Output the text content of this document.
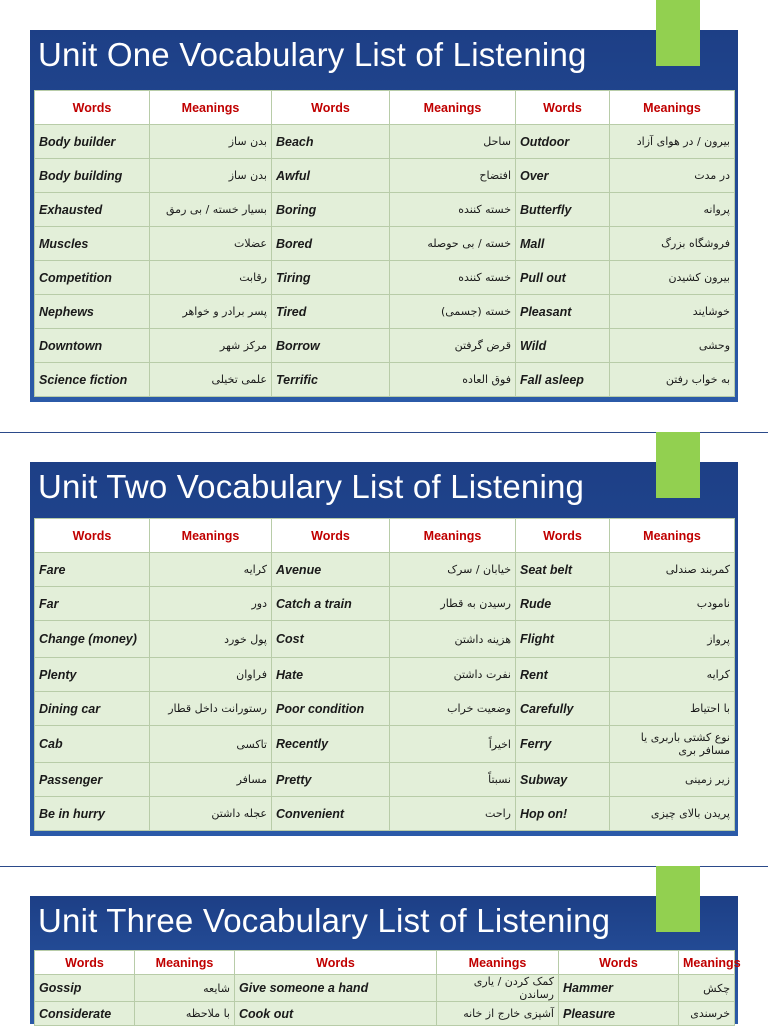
Unit One Vocabulary List of Listening
Words	Meanings	Words	Meanings	Words	Meanings
Body builder	بدن ساز	Beach	ساحل	Outdoor	بیرون / در هوای آزاد
Body building	بدن ساز	Awful	افتضاح	Over	در مدت
Exhausted	بسیار خسته / بی رمق	Boring	خسته کننده	Butterfly	پروانه
Muscles	عضلات	Bored	خسته / بی حوصله	Mall	فروشگاه بزرگ
Competition	رقابت	Tiring	خسته کننده	Pull out	بیرون کشیدن
Nephews	پسر برادر و خواهر	Tired	خسته (جسمی)	Pleasant	خوشایند
Downtown	مرکز شهر	Borrow	قرض گرفتن	Wild	وحشی
Science fiction	علمی تخیلی	Terrific	فوق العاده	Fall asleep	به خواب رفتن
Unit Two Vocabulary List of Listening
Words	Meanings	Words	Meanings	Words	Meanings
Fare	کرایه	Avenue	خیابان / سرک	Seat belt	کمربند صندلی
Far	دور	Catch a train	رسیدن به قطار	Rude	نامودب
Change (money)	پول خورد	Cost	هزینه داشتن	Flight	پرواز
Plenty	فراوان	Hate	نفرت داشتن	Rent	کرایه
Dining car	رستورانت داخل قطار	Poor condition	وضعیت خراب	Carefully	با احتیاط
Cab	تاکسی	Recently	اخیراً	Ferry	نوع کشتی باربری یا مسافر بری
Passenger	مسافر	Pretty	نسبتاً	Subway	زیر زمینی
Be in hurry	عجله داشتن	Convenient	راحت	Hop on!	پریدن بالای چیزی
Unit Three Vocabulary List of Listening
Words	Meanings	Words	Meanings	Words	Meanings
Gossip	شایعه	Give someone a hand	کمک کردن / یاری رساندن	Hammer	چکش
Considerate	با ملاحظه	Cook out	آشپزی خارج از خانه	Pleasure	خرسندی
